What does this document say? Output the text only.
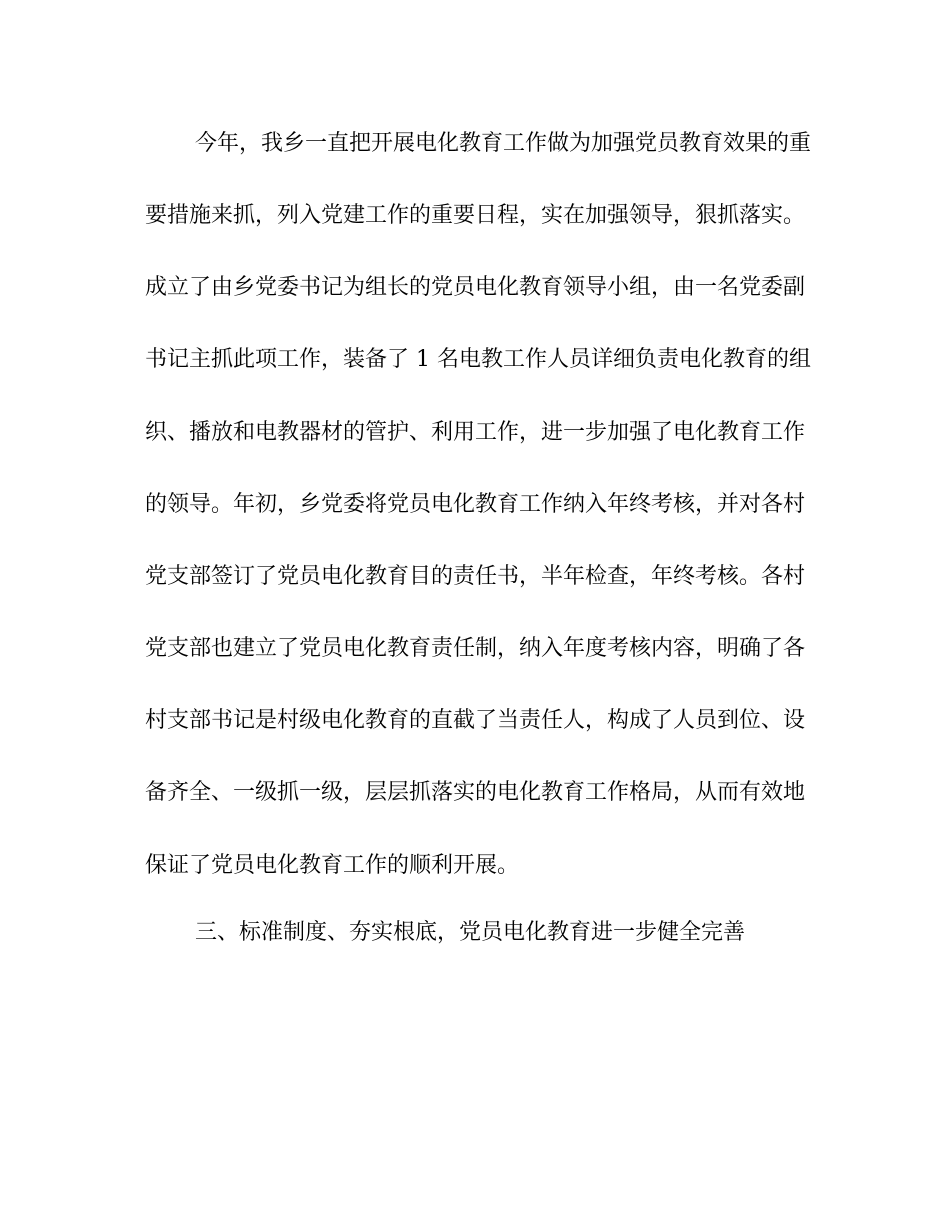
今年，我乡一直把开展电化教育工作做为加强党员教育效果的重
要措施来抓，列入党建工作的重要日程，实在加强领导，狠抓落实。
成立了由乡党委书记为组长的党员电化教育领导小组，由一名党委副
书记主抓此项工作，装备了 1 名电教工作人员详细负责电化教育的组
织、播放和电教器材的管护、利用工作，进一步加强了电化教育工作
的领导。年初，乡党委将党员电化教育工作纳入年终考核，并对各村
党支部签订了党员电化教育目的责任书，半年检查，年终考核。各村
党支部也建立了党员电化教育责任制，纳入年度考核内容，明确了各
村支部书记是村级电化教育的直截了当责任人，构成了人员到位、设
备齐全、一级抓一级，层层抓落实的电化教育工作格局，从而有效地
保证了党员电化教育工作的顺利开展。
三、标准制度、夯实根底，党员电化教育进一步健全完善
